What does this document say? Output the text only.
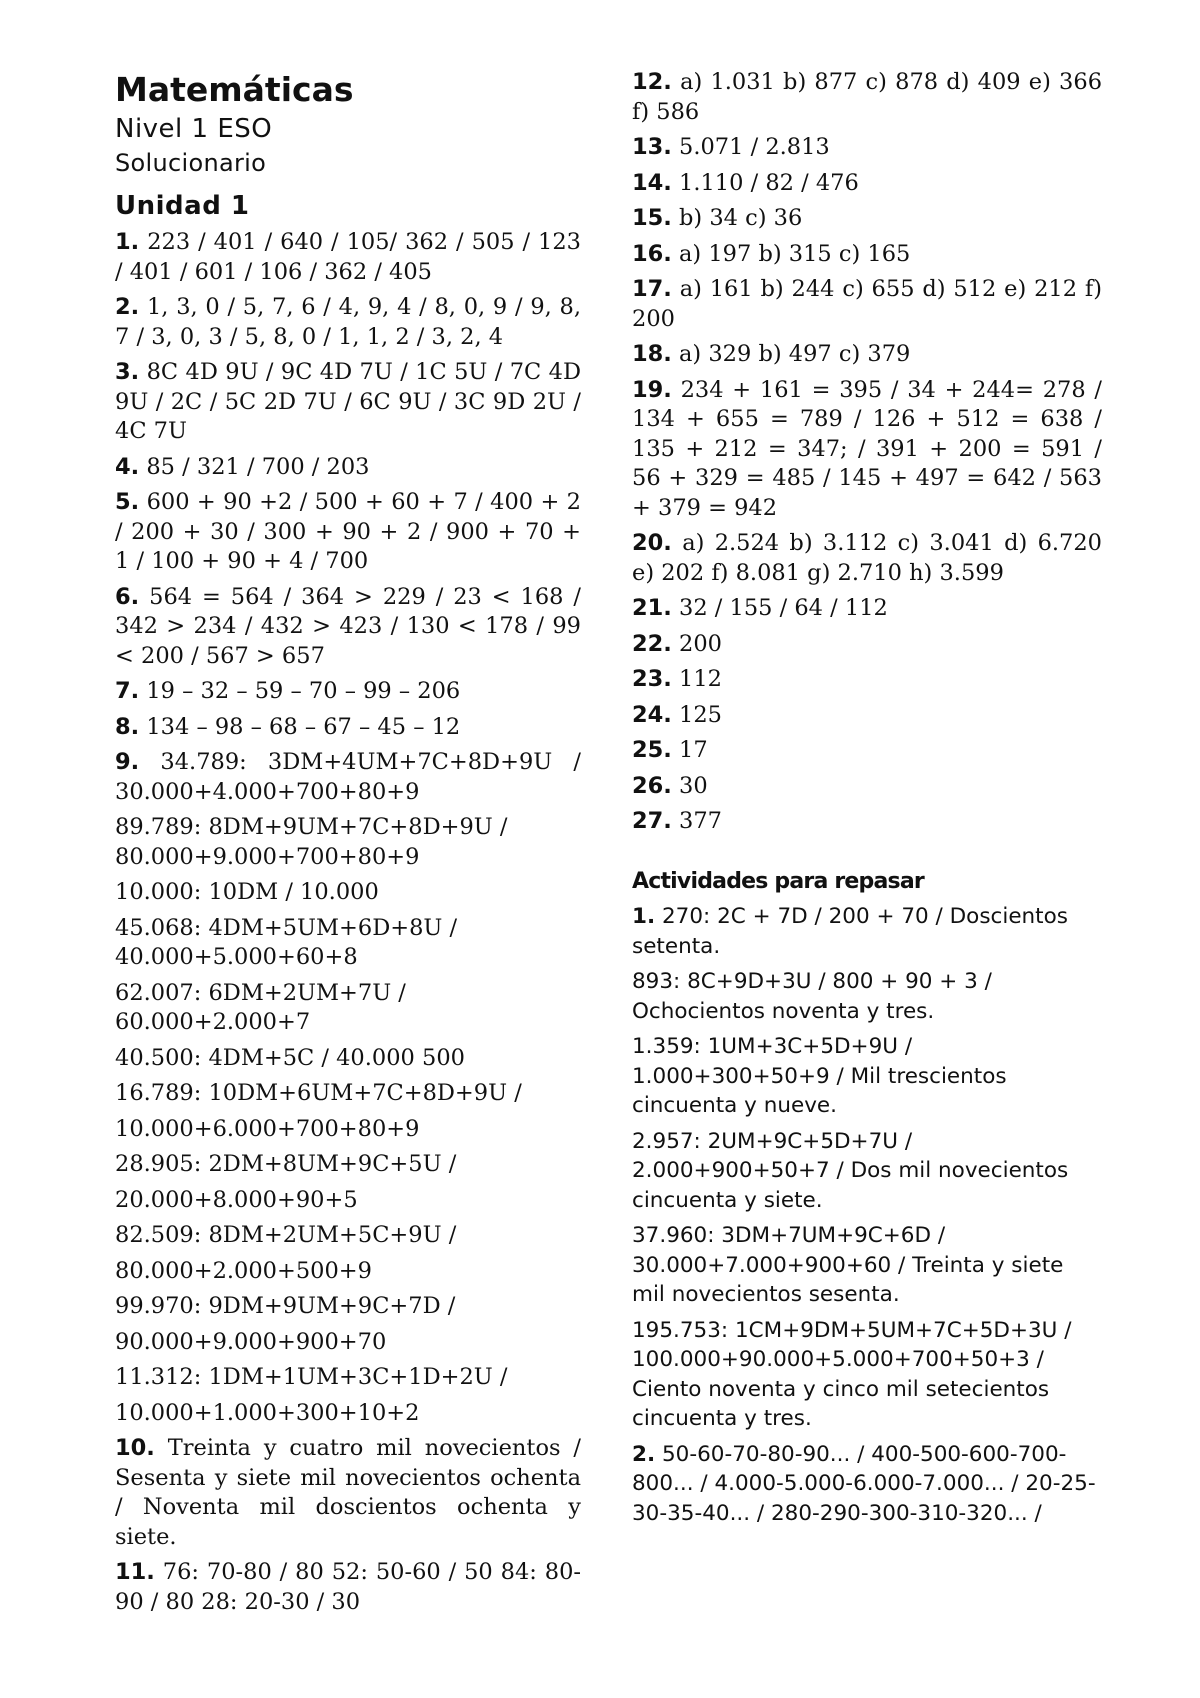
Matemáticas
Nivel 1 ESO
Solucionario
Unidad 1
1. 223 / 401 / 640 / 105/ 362 / 505 / 123 / 401 / 601 / 106 / 362 / 405
2. 1, 3, 0 / 5, 7, 6 / 4, 9, 4 / 8, 0, 9 / 9, 8, 7 / 3, 0, 3 / 5, 8, 0 / 1, 1, 2 / 3, 2, 4
3. 8C 4D 9U / 9C 4D 7U / 1C 5U / 7C 4D 9U / 2C / 5C 2D 7U / 6C 9U / 3C 9D 2U / 4C 7U
4. 85 / 321 / 700 / 203
5. 600 + 90 +2 / 500 + 60 + 7 / 400 + 2 / 200 + 30 / 300 + 90 + 2 / 900 + 70 + 1 / 100 + 90 + 4 / 700
6. 564 = 564 / 364 > 229 / 23 < 168 / 342 > 234 / 432 > 423 / 130 < 178 / 99 < 200 / 567 > 657
7. 19 – 32 – 59 – 70 – 99 – 206
8. 134 – 98 – 68 – 67 – 45 – 12
9. 34.789: 3DM+4UM+7C+8D+9U / 30.000+4.000+700+80+9
89.789: 8DM+9UM+7C+8D+9U / 80.000+9.000+700+80+9
10.000: 10DM / 10.000
45.068: 4DM+5UM+6D+8U / 40.000+5.000+60+8
62.007: 6DM+2UM+7U / 60.000+2.000+7
40.500: 4DM+5C / 40.000 500
16.789: 10DM+6UM+7C+8D+9U /
10.000+6.000+700+80+9
28.905: 2DM+8UM+9C+5U /
20.000+8.000+90+5
82.509: 8DM+2UM+5C+9U /
80.000+2.000+500+9
99.970: 9DM+9UM+9C+7D /
90.000+9.000+900+70
11.312: 1DM+1UM+3C+1D+2U /
10.000+1.000+300+10+2
10. Treinta y cuatro mil novecientos / Sesenta y siete mil novecientos ochenta / Noventa mil doscientos ochenta y siete.
11. 76: 70-80 / 80 52: 50-60 / 50 84: 80-90 / 80 28: 20-30 / 30
12. a) 1.031 b) 877 c) 878 d) 409 e) 366 f) 586
13. 5.071 / 2.813
14. 1.110 / 82 / 476
15. b) 34 c) 36
16. a) 197 b) 315 c) 165
17. a) 161 b) 244 c) 655 d) 512 e) 212 f) 200
18. a) 329 b) 497 c) 379
19. 234 + 161 = 395 / 34 + 244= 278 / 134 + 655 = 789 / 126 + 512 = 638 / 135 + 212 = 347; / 391 + 200 = 591 / 56 + 329 = 485 / 145 + 497 = 642 / 563 + 379 = 942
20. a) 2.524 b) 3.112 c) 3.041 d) 6.720 e) 202 f) 8.081 g) 2.710 h) 3.599
21. 32 / 155 / 64 / 112
22. 200
23. 112
24. 125
25. 17
26. 30
27. 377
Actividades para repasar
1. 270: 2C + 7D / 200 + 70 / Doscientos setenta.
893: 8C+9D+3U / 800 + 90 + 3 / Ochocientos noventa y tres.
1.359: 1UM+3C+5D+9U / 1.000+300+50+9 / Mil trescientos cincuenta y nueve.
2.957: 2UM+9C+5D+7U / 2.000+900+50+7 / Dos mil novecientos cincuenta y siete.
37.960: 3DM+7UM+9C+6D / 30.000+7.000+900+60 / Treinta y siete mil novecientos sesenta.
195.753: 1CM+9DM+5UM+7C+5D+3U / 100.000+90.000+5.000+700+50+3 / Ciento noventa y cinco mil setecientos cincuenta y tres.
2. 50-60-70-80-90... / 400-500-600-700-800... / 4.000-5.000-6.000-7.000... / 20-25-30-35-40... / 280-290-300-310-320... /
